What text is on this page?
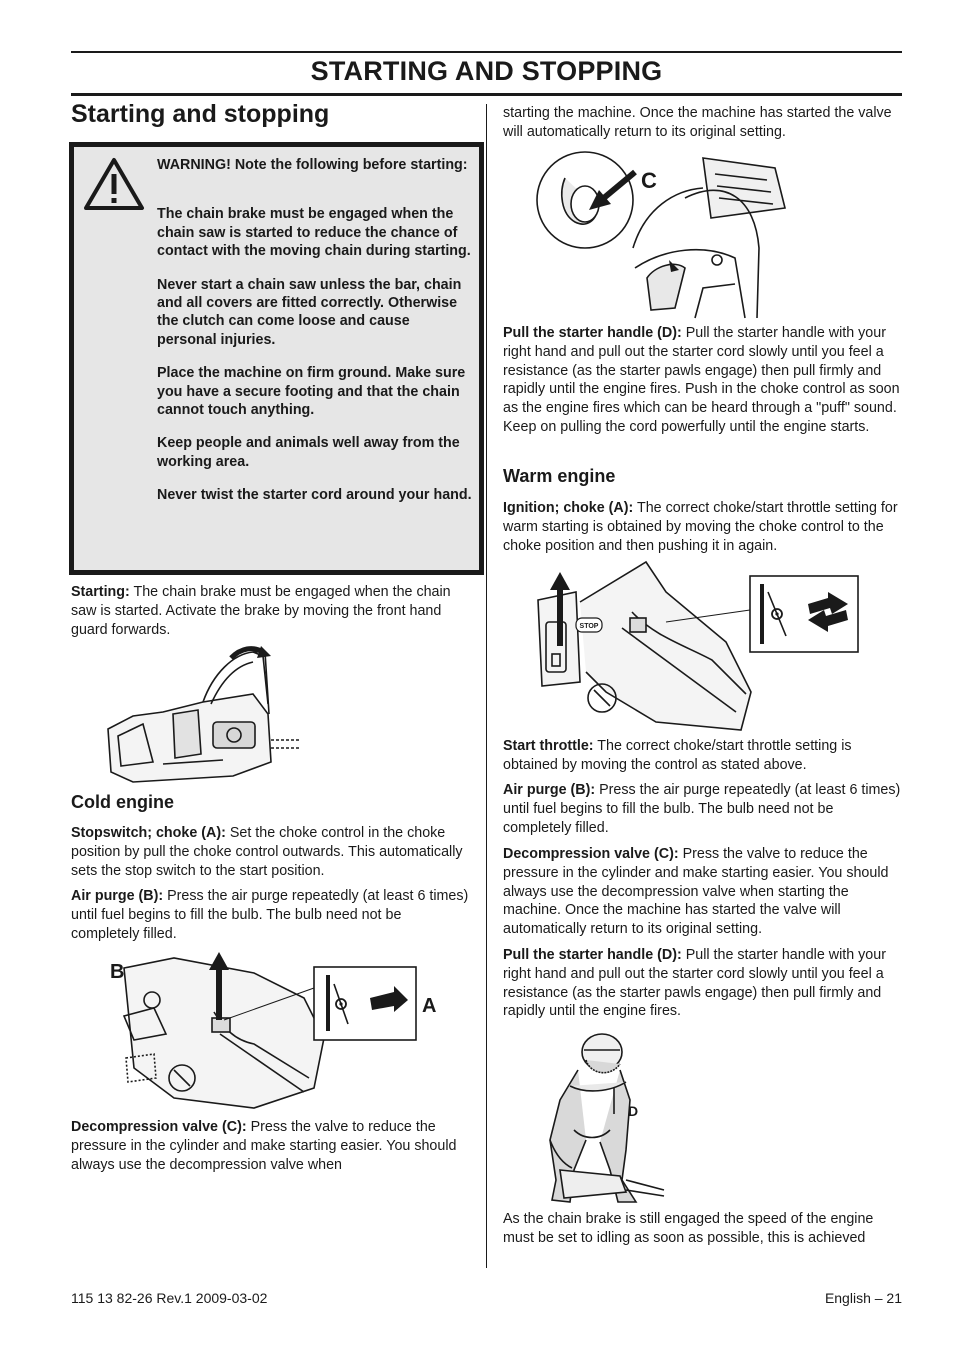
STARTING AND STOPPING
Starting and stopping

WARNING! Note the following before starting:

The chain brake must be engaged when the chain saw is started to reduce the chance of contact with the moving chain during starting.

Never start a chain saw unless the bar, chain and all covers are fitted correctly. Otherwise the clutch can come loose and cause personal injuries.

Place the machine on firm ground. Make sure you have a secure footing and that the chain cannot touch anything.

Keep people and animals well away from the working area.

Never twist the starter cord around your hand.

Starting: The chain brake must be engaged when the chain saw is started. Activate the brake by moving the front hand guard forwards.

Cold engine

Stopswitch; choke (A): Set the choke control in the choke position by pull the choke control outwards. This automatically sets the stop switch to the start position.

Air purge (B): Press the air purge repeatedly (at least 6 times) until fuel begins to fill the bulb. The bulb need not be completely filled.

B
A

Decompression valve (C): Press the valve to reduce the pressure in the cylinder and make starting easier. You should always use the decompression valve when

starting the machine. Once the machine has started the valve will automatically return to its original setting.

C

Pull the starter handle (D): Pull the starter handle with your right hand and pull out the starter cord slowly until you feel a resistance (as the starter pawls engage) then pull firmly and rapidly until the engine fires. Push in the choke control as soon as the engine fires which can be heard through a "puff" sound. Keep on pulling the cord powerfully until the engine starts.

Warm engine

Ignition; choke (A): The correct choke/start throttle setting for warm starting is obtained by moving the choke control to the choke position and then pushing it in again.

STOP

Start throttle: The correct choke/start throttle setting is obtained by moving the control as stated above.

Air purge (B): Press the air purge repeatedly (at least 6 times) until fuel begins to fill the bulb. The bulb need not be completely filled.

Decompression valve (C): Press the valve to reduce the pressure in the cylinder and make starting easier. You should always use the decompression valve when starting the machine. Once the machine has started the valve will automatically return to its original setting.

Pull the starter handle (D): Pull the starter handle with your right hand and pull out the starter cord slowly until you feel a resistance (as the starter pawls engage) then pull firmly and rapidly until the engine fires.

D

As the chain brake is still engaged the speed of the engine must be set to idling as soon as possible, this is achieved

115 13 82-26 Rev.1 2009-03-02	English – 21
